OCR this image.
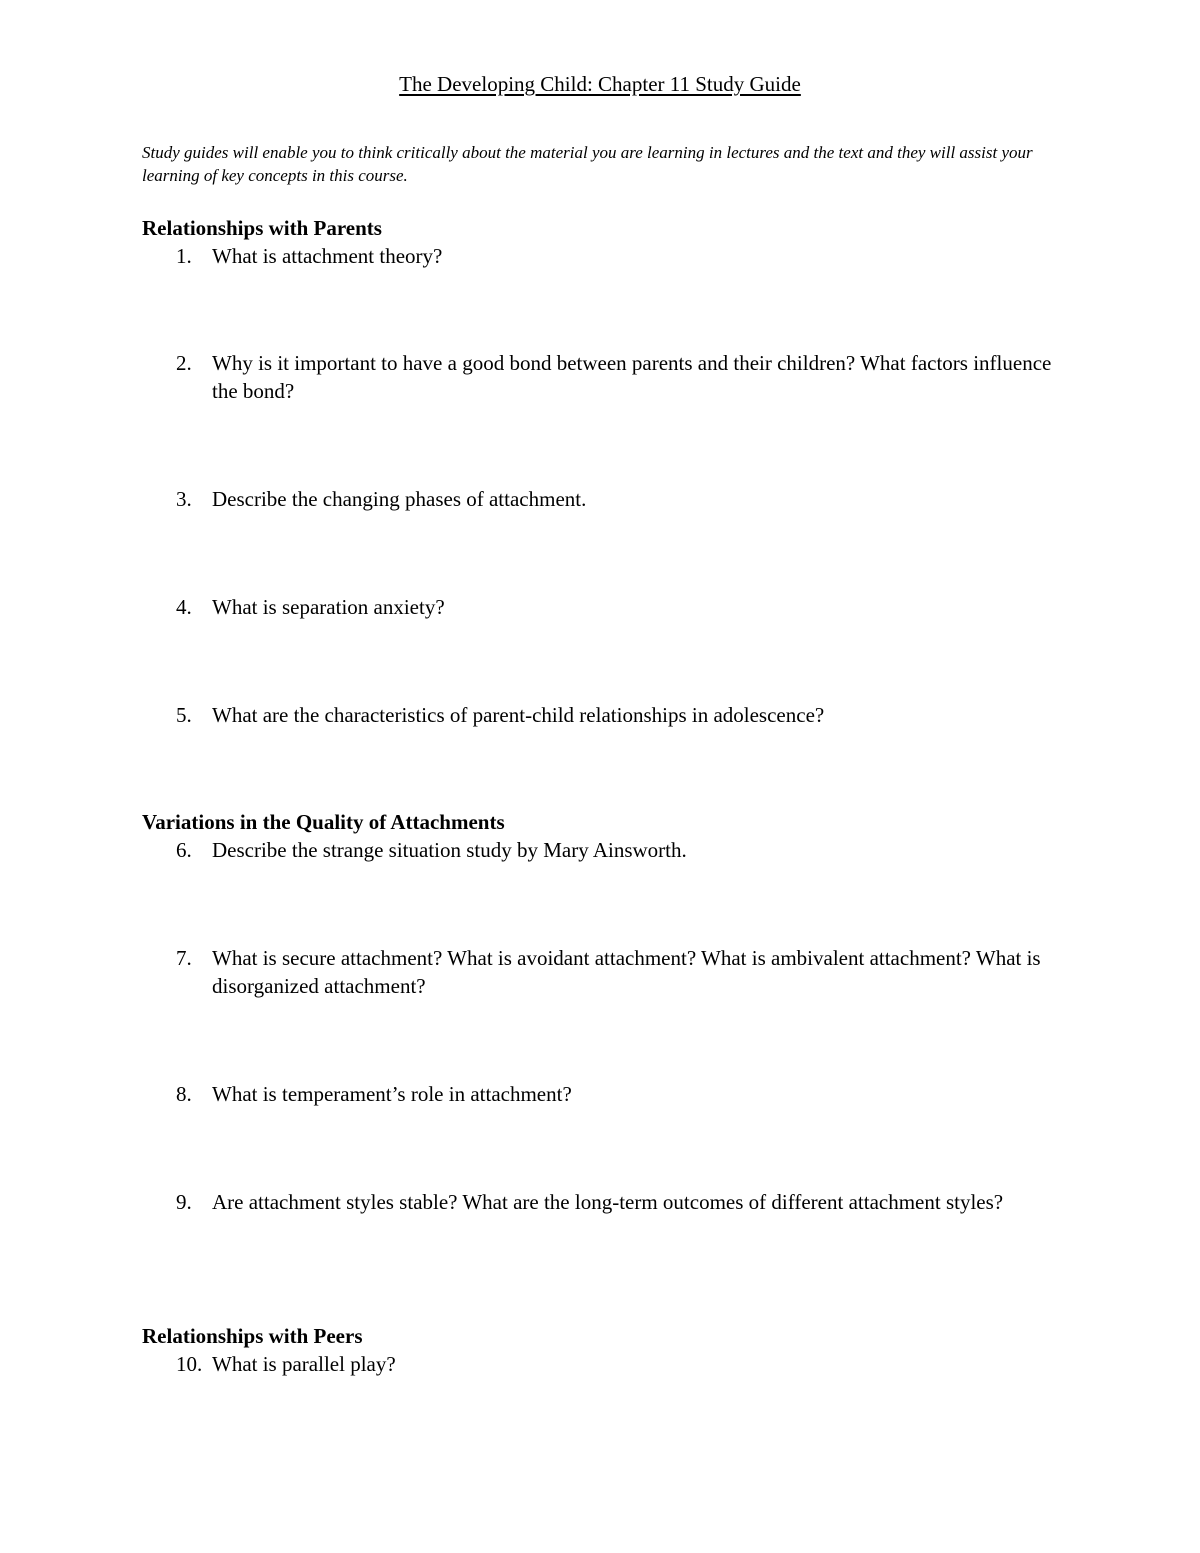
The Developing Child: Chapter 11 Study Guide
Study guides will enable you to think critically about the material you are learning in lectures and the text and they will assist your learning of key concepts in this course.
Relationships with Parents
1. What is attachment theory?
2. Why is it important to have a good bond between parents and their children? What factors influence the bond?
3. Describe the changing phases of attachment.
4. What is separation anxiety?
5. What are the characteristics of parent-child relationships in adolescence?
Variations in the Quality of Attachments
6. Describe the strange situation study by Mary Ainsworth.
7. What is secure attachment? What is avoidant attachment? What is ambivalent attachment? What is disorganized attachment?
8. What is temperament’s role in attachment?
9. Are attachment styles stable? What are the long-term outcomes of different attachment styles?
Relationships with Peers
10. What is parallel play?
